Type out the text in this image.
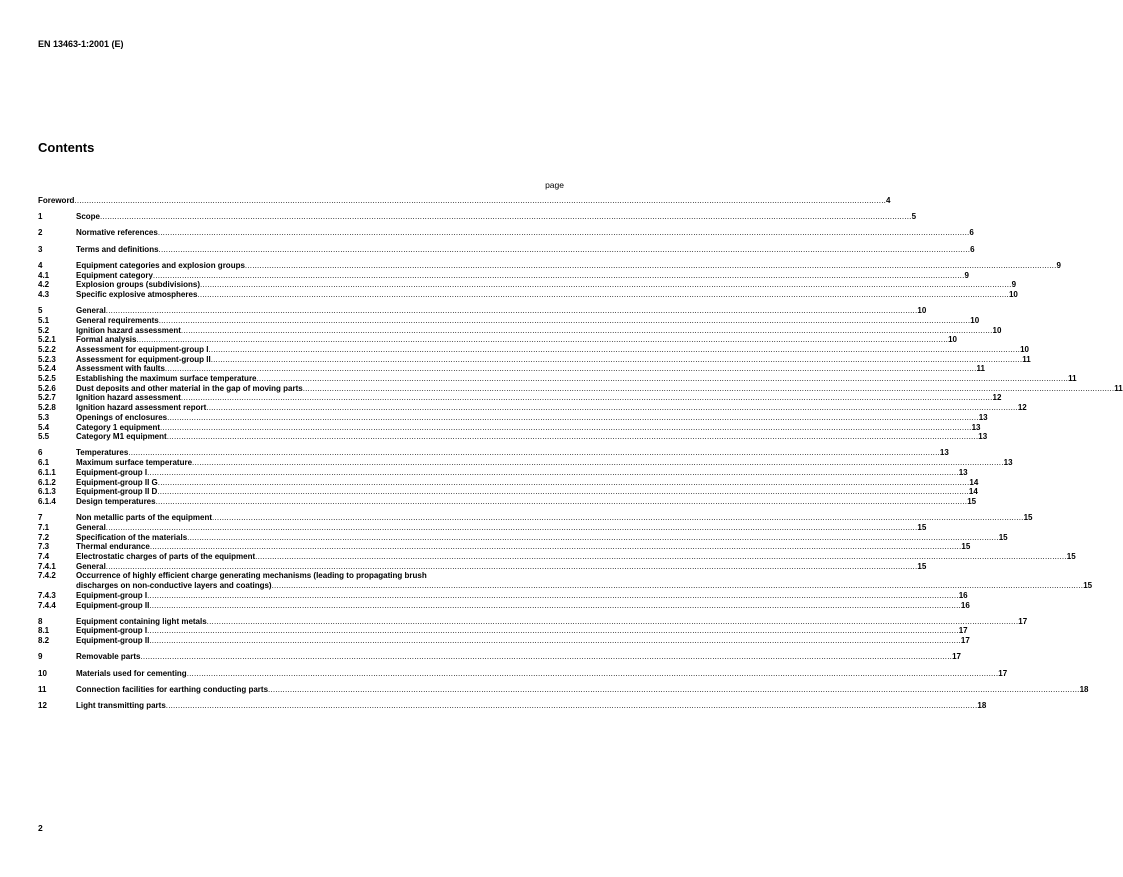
EN 13463-1:2001 (E)
Contents
page
Foreword .....	4
1	Scope .....	5
2	Normative references .....	6
3	Terms and definitions .....	6
4	Equipment categories and explosion groups .....	9
4.1	Equipment category .....	9
4.2	Explosion groups (subdivisions) .....	9
4.3	Specific explosive atmospheres .....	10
5	General .....	10
5.1	General requirements .....	10
5.2	Ignition hazard assessment .....	10
5.2.1	Formal analysis .....	10
5.2.2	Assessment for equipment-group I .....	10
5.2.3	Assessment for equipment-group II .....	11
5.2.4	Assessment with faults .....	11
5.2.5	Establishing the maximum surface temperature .....	11
5.2.6	Dust deposits and other material in the gap of moving parts .....	11
5.2.7	Ignition hazard assessment .....	12
5.2.8	Ignition hazard assessment report .....	12
5.3	Openings of enclosures .....	13
5.4	Category 1 equipment .....	13
5.5	Category M1 equipment .....	13
6	Temperatures .....	13
6.1	Maximum surface temperature .....	13
6.1.1	Equipment-group I .....	13
6.1.2	Equipment-group II G .....	14
6.1.3	Equipment-group II D .....	14
6.1.4	Design temperatures .....	15
7	Non metallic parts of the equipment .....	15
7.1	General .....	15
7.2	Specification of the materials .....	15
7.3	Thermal endurance .....	15
7.4	Electrostatic charges of parts of the equipment .....	15
7.4.1	General .....	15
7.4.2	Occurrence of highly efficient charge generating mechanisms (leading to propagating brush
discharges on non-conductive layers and coatings) .....	15
7.4.3	Equipment-group I .....	16
7.4.4	Equipment-group II .....	16
8	Equipment containing light metals .....	17
8.1	Equipment-group I .....	17
8.2	Equipment-group II .....	17
9	Removable parts .....	17
10	Materials used for cementing .....	17
11	Connection facilities for earthing conducting parts .....	18
12	Light transmitting parts .....	18
2
